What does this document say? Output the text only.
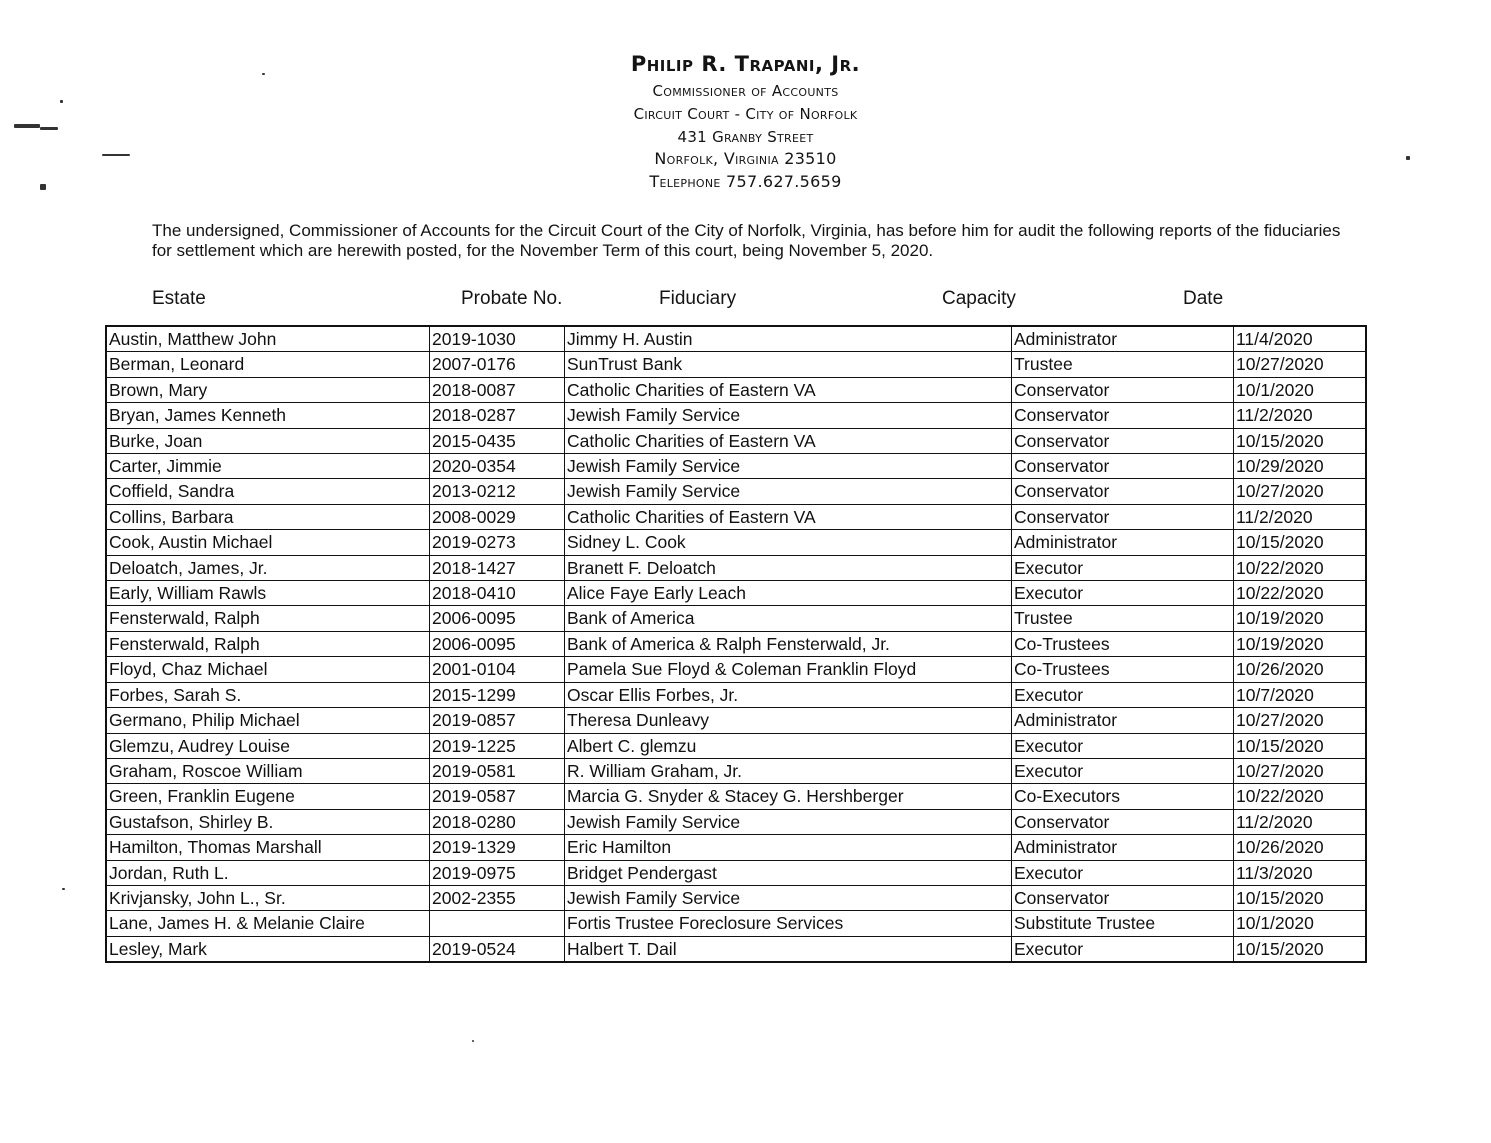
Philip R. Trapani, Jr.
Commissioner of Accounts
Circuit Court - City of Norfolk
431 Granby Street
Norfolk, Virginia 23510
Telephone 757.627.5659
The undersigned, Commissioner of Accounts for the Circuit Court of the City of Norfolk, Virginia, has before him for audit the following reports of the fiduciaries for settlement which are herewith posted, for the November Term of this court, being November 5, 2020.
Estate	Probate No.	Fiduciary	Capacity	Date
Austin, Matthew John	2019-1030	Jimmy H. Austin	Administrator	11/4/2020
Berman, Leonard	2007-0176	SunTrust Bank	Trustee	10/27/2020
Brown, Mary	2018-0087	Catholic Charities of Eastern VA	Conservator	10/1/2020
Bryan, James Kenneth	2018-0287	Jewish Family Service	Conservator	11/2/2020
Burke, Joan	2015-0435	Catholic Charities of Eastern VA	Conservator	10/15/2020
Carter, Jimmie	2020-0354	Jewish Family Service	Conservator	10/29/2020
Coffield, Sandra	2013-0212	Jewish Family Service	Conservator	10/27/2020
Collins, Barbara	2008-0029	Catholic Charities of Eastern VA	Conservator	11/2/2020
Cook, Austin Michael	2019-0273	Sidney L. Cook	Administrator	10/15/2020
Deloatch, James, Jr.	2018-1427	Branett F. Deloatch	Executor	10/22/2020
Early, William Rawls	2018-0410	Alice Faye Early Leach	Executor	10/22/2020
Fensterwald, Ralph	2006-0095	Bank of America	Trustee	10/19/2020
Fensterwald, Ralph	2006-0095	Bank of America & Ralph Fensterwald, Jr.	Co-Trustees	10/19/2020
Floyd, Chaz Michael	2001-0104	Pamela Sue Floyd & Coleman Franklin Floyd	Co-Trustees	10/26/2020
Forbes, Sarah S.	2015-1299	Oscar Ellis Forbes, Jr.	Executor	10/7/2020
Germano, Philip Michael	2019-0857	Theresa Dunleavy	Administrator	10/27/2020
Glemzu, Audrey Louise	2019-1225	Albert C. glemzu	Executor	10/15/2020
Graham, Roscoe William	2019-0581	R. William Graham, Jr.	Executor	10/27/2020
Green, Franklin Eugene	2019-0587	Marcia G. Snyder & Stacey G. Hershberger	Co-Executors	10/22/2020
Gustafson, Shirley B.	2018-0280	Jewish Family Service	Conservator	11/2/2020
Hamilton, Thomas Marshall	2019-1329	Eric Hamilton	Administrator	10/26/2020
Jordan, Ruth L.	2019-0975	Bridget Pendergast	Executor	11/3/2020
Krivjansky, John L., Sr.	2002-2355	Jewish Family Service	Conservator	10/15/2020
Lane, James H. & Melanie Claire		Fortis Trustee Foreclosure Services	Substitute Trustee	10/1/2020
Lesley, Mark	2019-0524	Halbert T. Dail	Executor	10/15/2020
